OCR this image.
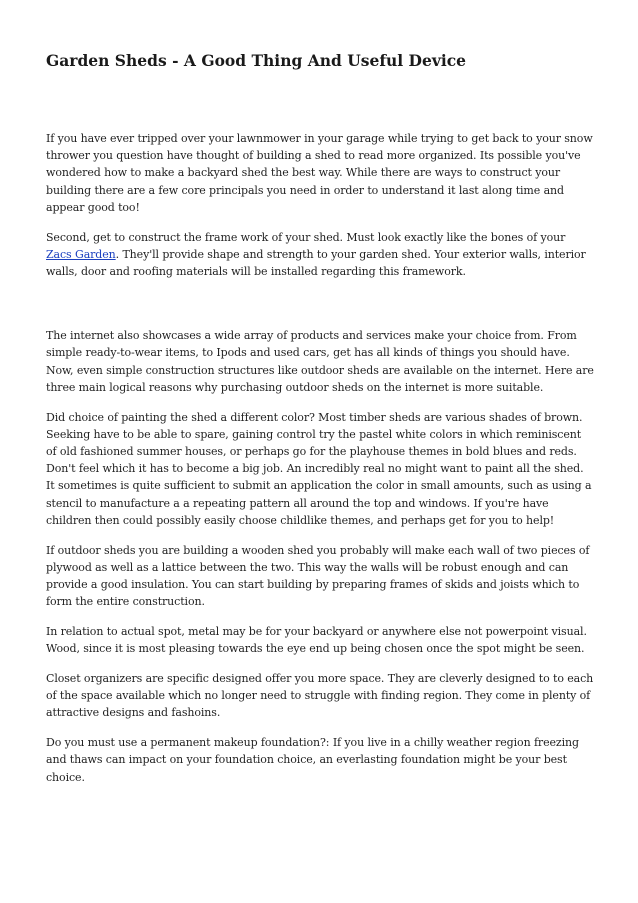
Garden Sheds - A Good Thing And Useful Device

If you have ever tripped over your lawnmower in your garage while trying to get back to your snow thrower you question have thought of building a shed to read more organized. Its possible you've wondered how to make a backyard shed the best way. While there are ways to construct your building there are a few core principals you need in order to understand it last along time and appear good too!

Second, get to construct the frame work of your shed. Must look exactly like the bones of your Zacs Garden. They'll provide shape and strength to your garden shed. Your exterior walls, interior walls, door and roofing materials will be installed regarding this framework.

The internet also showcases a wide array of products and services make your choice from. From simple ready-to-wear items, to Ipods and used cars, get has all kinds of things you should have. Now, even simple construction structures like outdoor sheds are available on the internet. Here are three main logical reasons why purchasing outdoor sheds on the internet is more suitable.

Did choice of painting the shed a different color? Most timber sheds are various shades of brown. Seeking have to be able to spare, gaining control try the pastel white colors in which reminiscent of old fashioned summer houses, or perhaps go for the playhouse themes in bold blues and reds. Don't feel which it has to become a big job. An incredibly real no might want to paint all the shed. It sometimes is quite sufficient to submit an application the color in small amounts, such as using a stencil to manufacture a a repeating pattern all around the top and windows. If you're have children then could possibly easily choose childlike themes, and perhaps get for you to help!

If outdoor sheds you are building a wooden shed you probably will make each wall of two pieces of plywood as well as a lattice between the two. This way the walls will be robust enough and can provide a good insulation. You can start building by preparing frames of skids and joists which to form the entire construction.

In relation to actual spot, metal may be for your backyard or anywhere else not powerpoint visual. Wood, since it is most pleasing towards the eye end up being chosen once the spot might be seen.

Closet organizers are specific designed offer you more space. They are cleverly designed to to each of the space available which no longer need to struggle with finding region. They come in plenty of attractive designs and fashoins.

Do you must use a permanent makeup foundation?: If you live in a chilly weather region freezing and thaws can impact on your foundation choice, an everlasting foundation might be your best choice.
